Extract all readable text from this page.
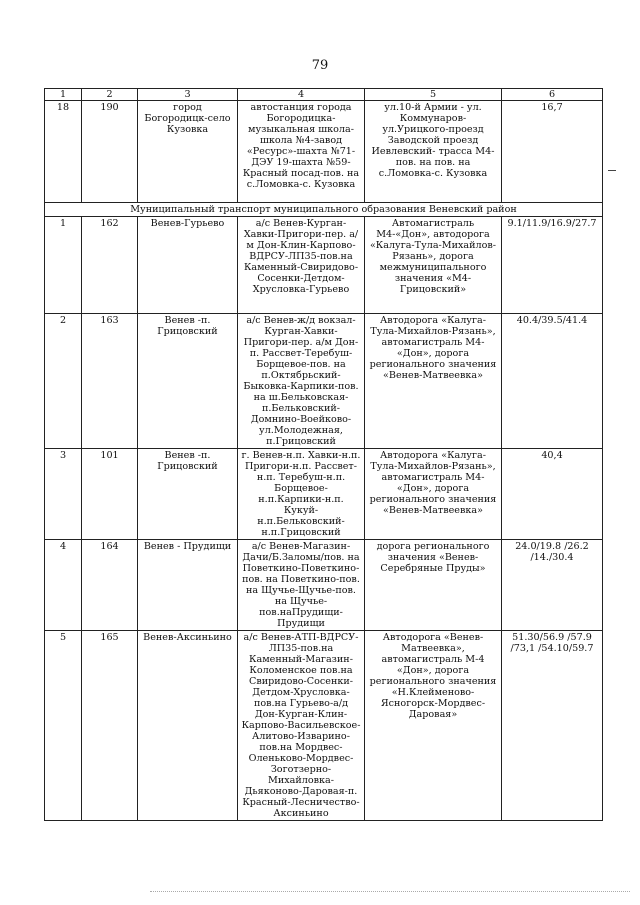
79
1	2	3	4	5	6
18	190	город Богородицк-село Кузовка	автостанция города Богородицка-музыкальная школа-школа №4-завод «Ресурс»-шахта №71-ДЭУ 19-шахта №59-Красный посад-пов. на с.Ломовка-с. Кузовка	ул.10-й Армии - ул. Коммунаров- ул.Урицкого-проезд Заводской проезд Иевлевский- трасса М4-пов. на пов. на с.Ломовка-с. Кузовка	16,7
Муниципальный транспорт муниципального образования Веневский район					
1	162	Венев-Гурьево	а/с Венев-Курган-Хавки-Пригори-пер. а/м Дон-Клин-Карпово-ВДРСУ-ЛП35-пов.на Каменный-Свиридово-Сосенки-Детдом-Хрусловка-Гурьево	Автомагистраль М4-«Дон», автодорога «Калуга-Тула-Михайлов-Рязань», дорога межмуниципального значения «М4-Грицовский»	9.1/11.9/16.9/27.7
2	163	Венев -п. Грицовский	а/с Венев-ж/д вокзал-Курган-Хавки-Пригори-пер. а/м Дон-п. Рассвет-Теребуш-Борщевое-пов. на п.Октябрьский-Быковка-Карпики-пов. на ш.Бельковская-п.Бельковский-Домнино-Воейково-ул.Молодежная, п.Грицовский	Автодорога «Калуга-Тула-Михайлов-Рязань», автомагистраль М4- «Дон», дорога регионального значения «Венев-Матвеевка»	40.4/39.5/41.4
3	101	Венев -п. Грицовский	г. Венев-н.п. Хавки-н.п. Пригори-н.п. Рассвет-н.п. Теребуш-н.п. Борщевое- н.п.Карпики-н.п. Кукуй-н.п.Бельковский-н.п.Грицовский	Автодорога «Калуга-Тула-Михайлов-Рязань», автомагистраль М4- «Дон», дорога регионального значения «Венев-Матвеевка»	40,4
4	164	Венев - Прудищи	а/с Венев-Магазин-Дачи/Б.Заломы/пов. на Поветкино-Поветкино-пов. на Поветкино-пов. на Щучье-Щучье-пов. на Щучье-пов.наПрудищи-Прудищи	дорога регионального значения «Венев-Серебряные Пруды»	24.0/19.8 /26.2 /14./30.4
5	165	Венев-Аксиньино	а/с Венев-АТП-ВДРСУ-ЛП35-пов.на Каменный-Магазин-Коломенское пов.на Свиридово-Сосенки-Детдом-Хрусловка-пов.на Гурьево-а/д Дон-Курган-Клин-Карпово-Васильевское-Алитово-Изварино-пов.на Мордвес-Оленьково-Мордвес-Зоготзерно-Михайловка-Дьяконово-Даровая-п. Красный-Лесничество-Аксиньино	Автодорога «Венев-Матвеевка», автомагистраль М-4 «Дон», дорога регионального значения «Н.Клейменово-Яcногорск-Мордвес-Даровая»	51.30/56.9 /57.9 /73,1 /54.10/59.7
